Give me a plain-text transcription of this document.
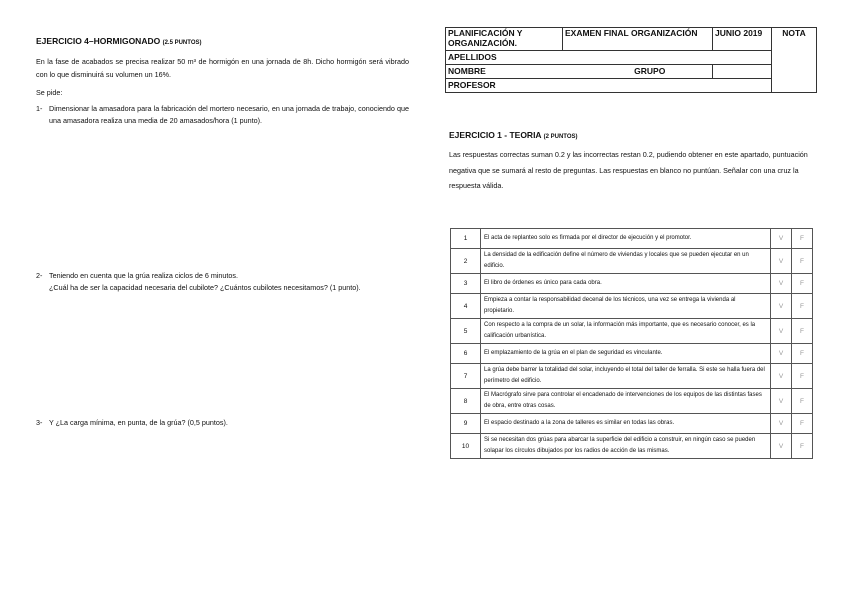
EJERCICIO 4–HORMIGONADO (2.5 PUNTOS)
En la fase de acabados se precisa realizar 50 m³ de hormigón en una jornada de 8h. Dicho hormigón será vibrado con lo que disminuirá su volumen un 16%.
Se pide:
1- Dimensionar la amasadora para la fabricación del mortero necesario, en una jornada de trabajo, conociendo que una amasadora realiza una media de 20 amasados/hora (1 punto).
2- Teniendo en cuenta que la grúa realiza ciclos de 6 minutos.
¿Cuál ha de ser la capacidad necesaria del cubilote? ¿Cuántos cubilotes necesitamos? (1 punto).
3- Y ¿La carga mínima, en punta, de la grúa? (0,5 puntos).
PLANIFICACIÓN Y ORGANIZACIÓN.	EXAMEN FINAL ORGANIZACIÓN	JUNIO 2019	NOTA
APELLIDOS			
NOMBRE GRUPO			
PROFESOR			
EJERCICIO 1 - TEORIA (2 PUNTOS)
Las respuestas correctas suman 0.2 y las incorrectas restan 0.2, pudiendo obtener en este apartado, puntuación negativa que se sumará al resto de preguntas. Las respuestas en blanco no puntúan. Señalar con una cruz la respuesta válida.
1	El acta de replanteo solo es firmada por el director de ejecución y el promotor.	V	F
2	La densidad de la edificación define el número de viviendas y locales que se pueden ejecutar en un edificio.	V	F
3	El libro de órdenes es único para cada obra.	V	F
4	Empieza a contar la responsabilidad decenal de los técnicos, una vez se entrega la vivienda al propietario.	V	F
5	Con respecto a la compra de un solar, la información más importante, que es necesario conocer, es la calificación urbanística.	V	F
6	El emplazamiento de la grúa en el plan de seguridad es vinculante.	V	F
7	La grúa debe barrer la totalidad del solar, incluyendo el total del taller de ferralla. Si este se halla fuera del perímetro del edificio.	V	F
8	El Macrógrafo sirve para controlar el encadenado de intervenciones de los equipos de las distintas fases de obra, entre otras cosas.	V	F
9	El espacio destinado a la zona de talleres es similar en todas las obras.	V	F
10	Si se necesitan dos grúas para abarcar la superficie del edificio a construir, en ningún caso se pueden solapar los círculos dibujados por los radios de acción de las mismas.	V	F
